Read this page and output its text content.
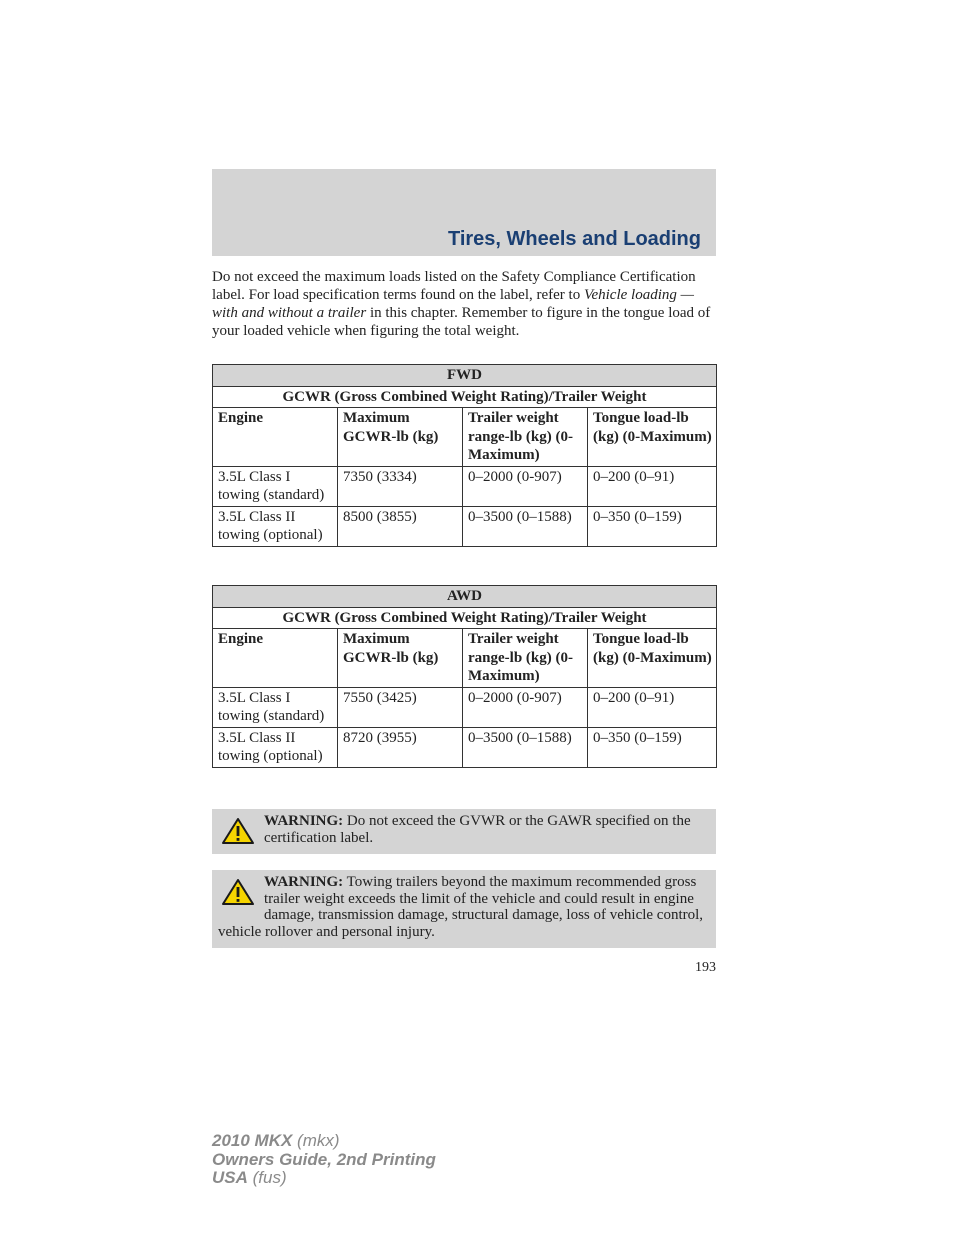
Tires, Wheels and Loading
Do not exceed the maximum loads listed on the Safety Compliance Certification label. For load specification terms found on the label, refer to Vehicle loading — with and without a trailer in this chapter. Remember to figure in the tongue load of your loaded vehicle when figuring the total weight.
FWD			
GCWR (Gross Combined Weight Rating)/Trailer Weight			
Engine	Maximum GCWR-lb (kg)	Trailer weight range-lb (kg) (0-Maximum)	Tongue load-lb (kg) (0-Maximum)
3.5L Class I towing (standard)	7350 (3334)	0–2000 (0-907)	0–200 (0–91)
3.5L Class II towing (optional)	8500 (3855)	0–3500 (0–1588)	0–350 (0–159)
AWD			
GCWR (Gross Combined Weight Rating)/Trailer Weight			
Engine	Maximum GCWR-lb (kg)	Trailer weight range-lb (kg) (0-Maximum)	Tongue load-lb (kg) (0-Maximum)
3.5L Class I towing (standard)	7550 (3425)	0–2000 (0-907)	0–200 (0–91)
3.5L Class II towing (optional)	8720 (3955)	0–3500 (0–1588)	0–350 (0–159)
WARNING: Do not exceed the GVWR or the GAWR specified on the certification label.
WARNING: Towing trailers beyond the maximum recommended gross trailer weight exceeds the limit of the vehicle and could result in engine damage, transmission damage, structural damage, loss of vehicle control, vehicle rollover and personal injury.
193
2010 MKX (mkx)
Owners Guide, 2nd Printing
USA (fus)
